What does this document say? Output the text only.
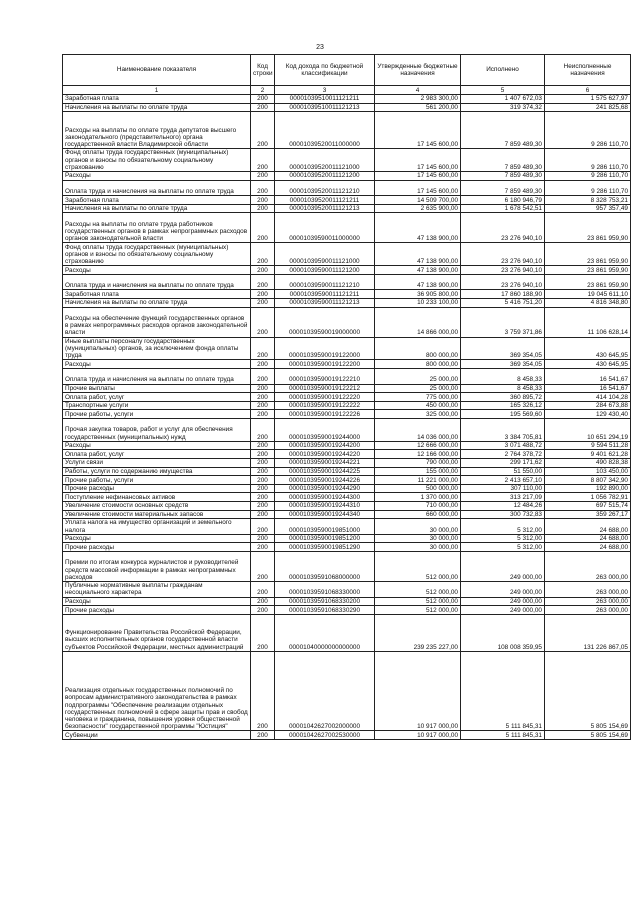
23
Наименование показателя	Код строки	Код дохода по бюджетной классификации	Утвержденные бюджетные назначения	Исполнено	Неисполненные назначения
1	2	3	4	5	6
Заработная плата	200	00001039510011121211	2 983 300,00	1 407 672,03	1 575 627,97
Начисления на выплаты по оплате труда	200	00001039510011121213	561 200,00	319 374,32	241 825,68
Расходы на выплаты по оплате труда депутатов высшего законодательного (представительного) органа государственной власти Владимирской области	200	00001039520011000000	17 145 600,00	7 859 489,30	9 286 110,70
Фонд оплаты труда государственных (муниципальных) органов и взносы по обязательному социальному страхованию	200	00001039520011121000	17 145 600,00	7 859 489,30	9 286 110,70
Расходы	200	00001039520011121200	17 145 600,00	7 859 489,30	9 286 110,70
Оплата труда и начисления на выплаты по оплате труда	200	00001039520011121210	17 145 600,00	7 859 489,30	9 286 110,70
Заработная плата	200	00001039520011121211	14 509 700,00	6 180 946,79	8 328 753,21
Начисления на выплаты по оплате труда	200	00001039520011121213	2 635 900,00	1 678 542,51	957 357,49
Расходы на выплаты по оплате труда работников государственных органов в рамках непрограммных расходов органов законодательной власти	200	00001039590011000000	47 138 900,00	23 276 940,10	23 861 959,90
Фонд оплаты труда государственных (муниципальных) органов и взносы по обязательному социальному страхованию	200	00001039590011121000	47 138 900,00	23 276 940,10	23 861 959,90
Расходы	200	00001039590011121200	47 138 900,00	23 276 940,10	23 861 959,90
Оплата труда и начисления на выплаты по оплате труда	200	00001039590011121210	47 138 900,00	23 276 940,10	23 861 959,90
Заработная плата	200	00001039590011121211	36 905 800,00	17 860 188,90	19 045 611,10
Начисления на выплаты по оплате труда	200	00001039590011121213	10 233 100,00	5 416 751,20	4 816 348,80
Расходы на обеспечение функций государственных органов в рамках непрограммных расходов органов законодательной власти	200	00001039590019000000	14 866 000,00	3 759 371,86	11 106 628,14
Иные выплаты персоналу государственных (муниципальных) органов, за исключением фонда оплаты труда	200	00001039590019122000	800 000,00	369 354,05	430 645,95
Расходы	200	00001039590019122200	800 000,00	369 354,05	430 645,95
Оплата труда и начисления на выплаты по оплате труда	200	00001039590019122210	25 000,00	8 458,33	16 541,67
Прочие выплаты	200	00001039590019122212	25 000,00	8 458,33	16 541,67
Оплата работ, услуг	200	00001039590019122220	775 000,00	360 895,72	414 104,28
Транспортные услуги	200	00001039590019122222	450 000,00	165 326,12	284 673,88
Прочие работы, услуги	200	00001039590019122226	325 000,00	195 569,60	129 430,40
Прочая закупка товаров, работ и услуг для обеспечения государственных (муниципальных) нужд	200	00001039590019244000	14 036 000,00	3 384 705,81	10 651 294,19
Расходы	200	00001039590019244200	12 666 000,00	3 071 488,72	9 594 511,28
Оплата работ, услуг	200	00001039590019244220	12 166 000,00	2 764 378,72	9 401 621,28
Услуги связи	200	00001039590019244221	790 000,00	299 171,62	490 828,38
Работы, услуги по содержанию имущества	200	00001039590019244225	155 000,00	51 550,00	103 450,00
Прочие работы, услуги	200	00001039590019244226	11 221 000,00	2 413 657,10	8 807 342,90
Прочие расходы	200	00001039590019244290	500 000,00	307 110,00	192 890,00
Поступление нефинансовых активов	200	00001039590019244300	1 370 000,00	313 217,09	1 056 782,91
Увеличение стоимости основных средств	200	00001039590019244310	710 000,00	12 484,26	697 515,74
Увеличение стоимости материальных запасов	200	00001039590019244340	660 000,00	300 732,83	359 267,17
Уплата налога на имущество организаций и земельного налога	200	00001039590019851000	30 000,00	5 312,00	24 688,00
Расходы	200	00001039590019851200	30 000,00	5 312,00	24 688,00
Прочие расходы	200	00001039590019851290	30 000,00	5 312,00	24 688,00
Премии по итогам конкурса журналистов и руководителей средств массовой информации в рамках непрограммных расходов	200	00001039591068000000	512 000,00	249 000,00	263 000,00
Публичные нормативные выплаты гражданам несоциального характера	200	00001039591068330000	512 000,00	249 000,00	263 000,00
Расходы	200	00001039591068330200	512 000,00	249 000,00	263 000,00
Прочие расходы	200	00001039591068330290	512 000,00	249 000,00	263 000,00
Функционирование Правительства Российской Федерации, высших исполнительных органов государственной власти субъектов Российской Федерации, местных администраций	200	00001040000000000000	239 235 227,00	108 008 359,95	131 226 867,05
Реализация отдельных государственных полномочий по вопросам административного законодательства в рамках подпрограммы "Обеспечение реализации отдельных государственных полномочий в сфере защиты прав и свобод человека и гражданина, повышения уровня общественной безопасности" государственной программы "Юстиция"	200	00001042627002000000	10 917 000,00	5 111 845,31	5 805 154,69
Субвенции	200	00001042627002530000	10 917 000,00	5 111 845,31	5 805 154,69
